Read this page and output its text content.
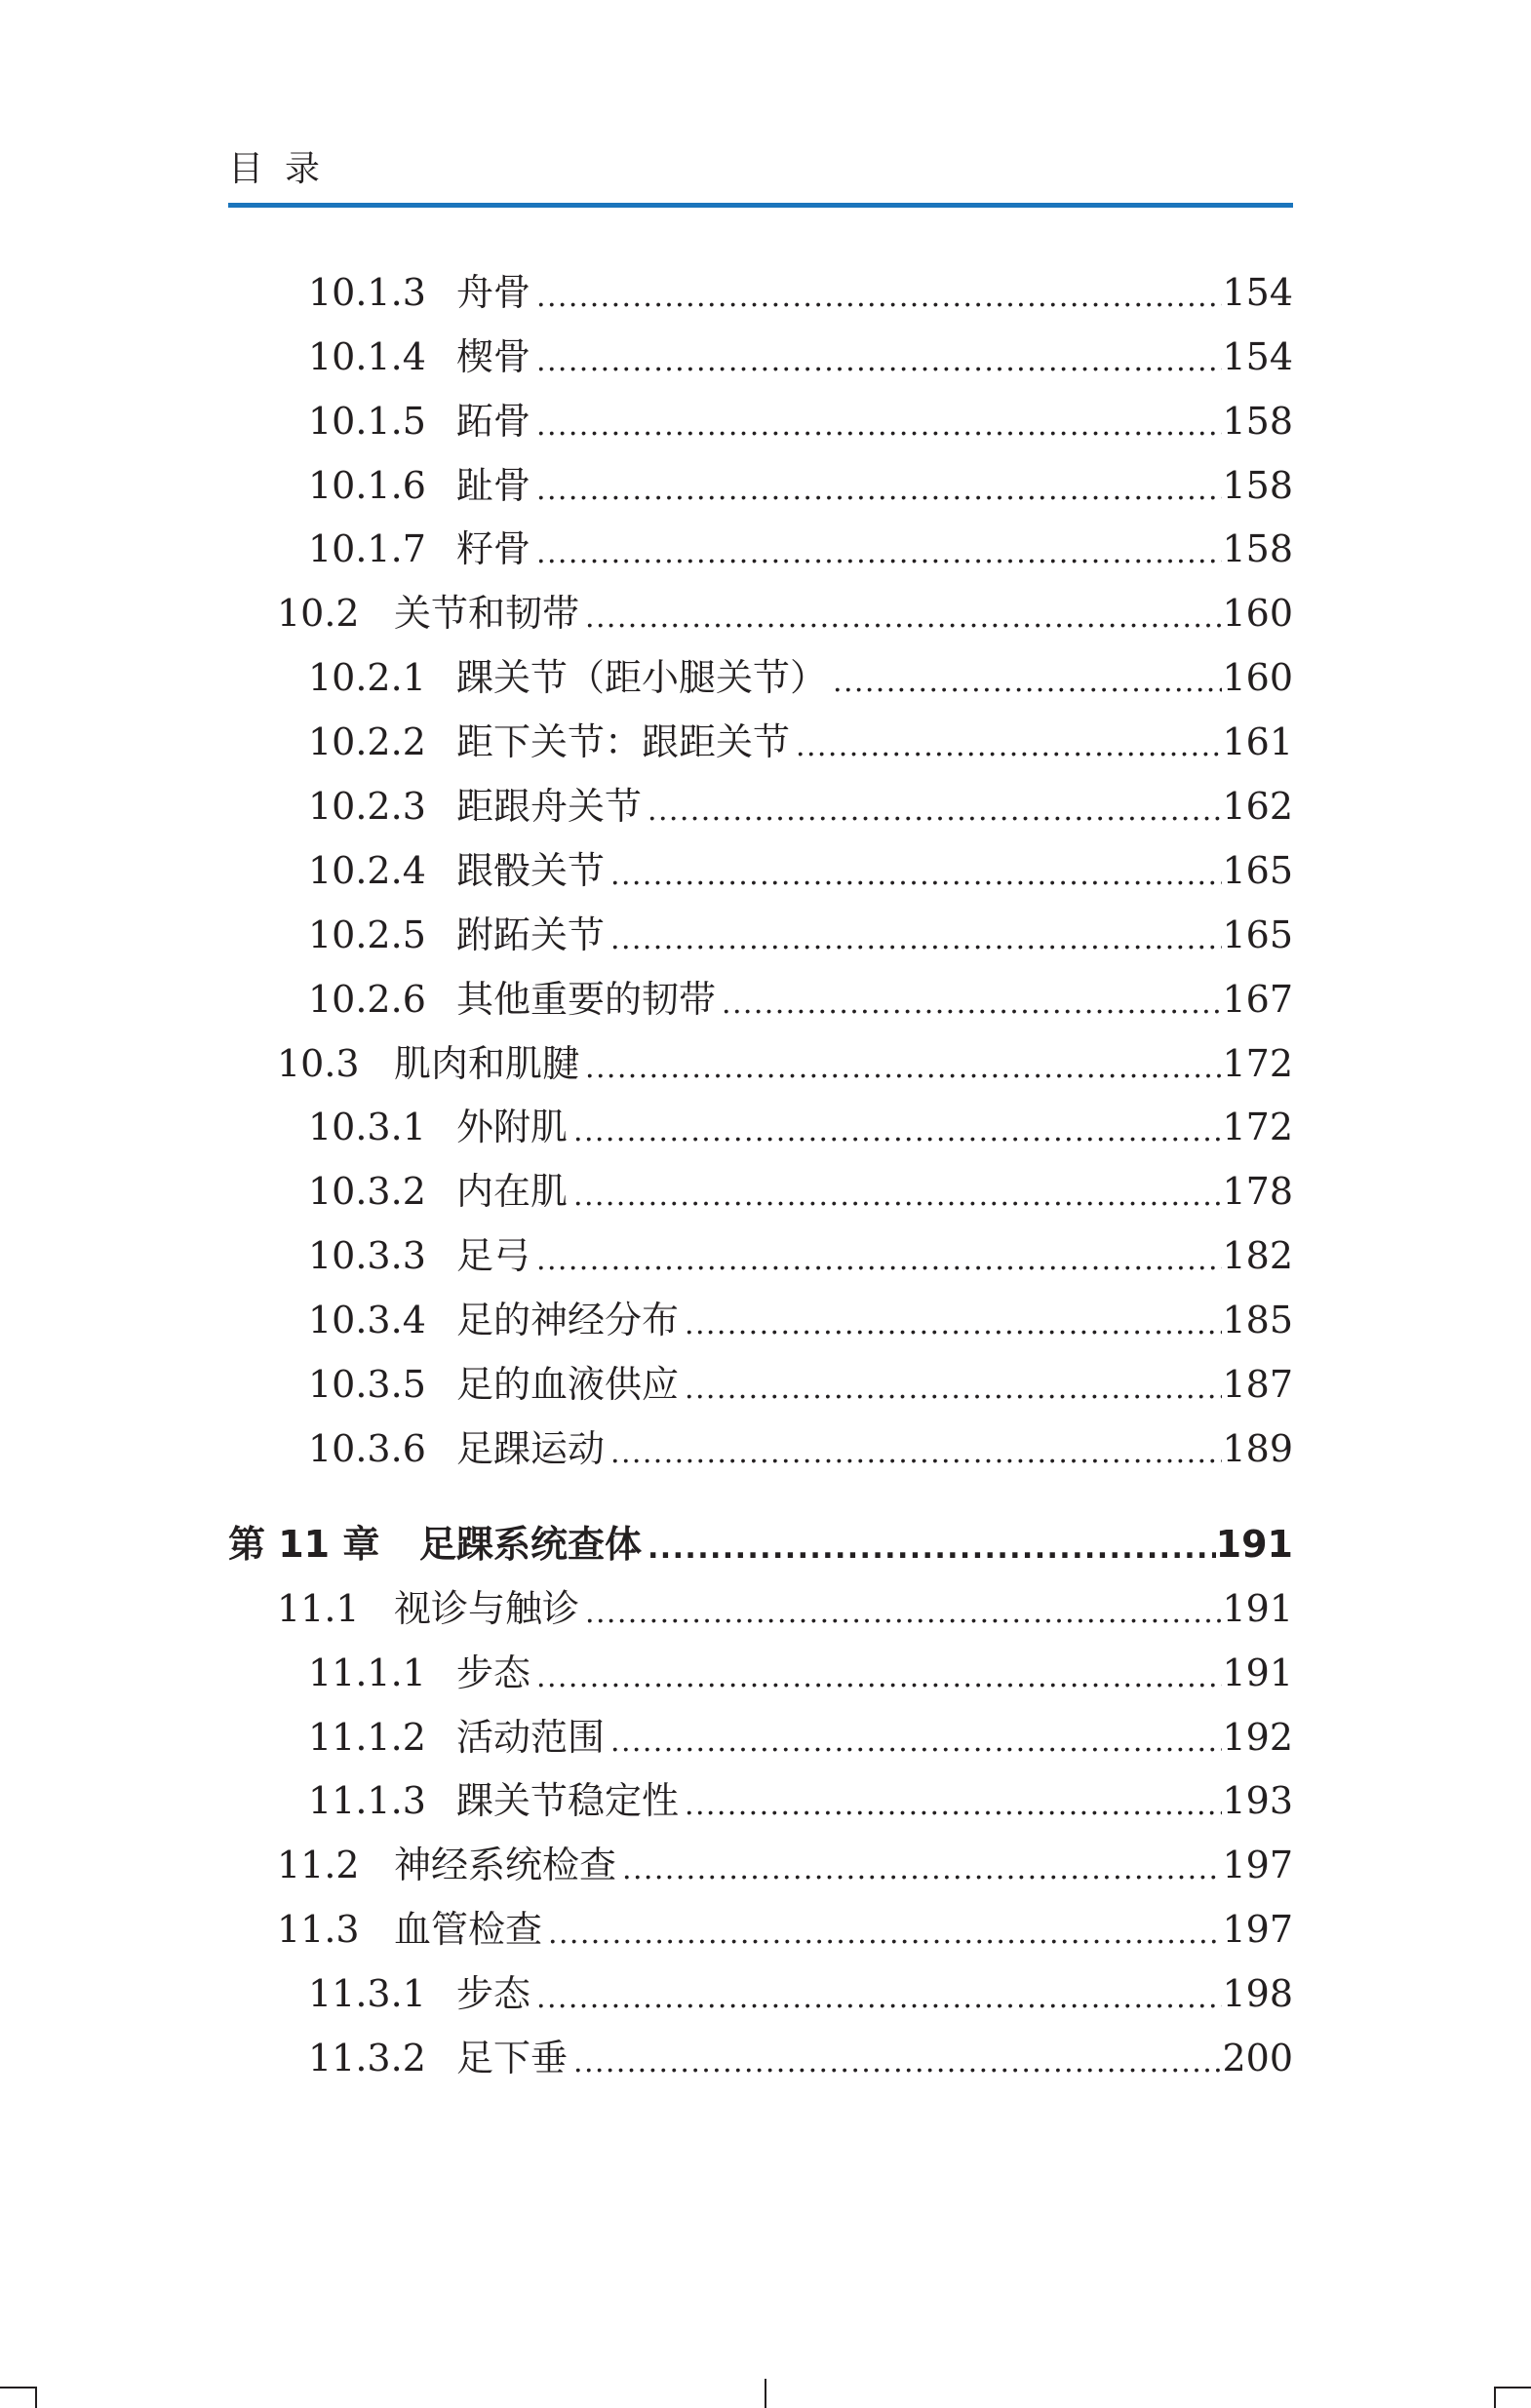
目录
10.1.3 舟骨 .....	154
10.1.4 楔骨 .....	154
10.1.5 跖骨 .....	158
10.1.6 趾骨 .....	158
10.1.7 籽骨 .....	158
10.2 关节和韧带 .....	160
10.2.1 踝关节（距小腿关节） .....	160
10.2.2 距下关节：跟距关节 .....	161
10.2.3 距跟舟关节 .....	162
10.2.4 跟骰关节 .....	165
10.2.5 跗跖关节 .....	165
10.2.6 其他重要的韧带 .....	167
10.3 肌肉和肌腱 .....	172
10.3.1 外附肌 .....	172
10.3.2 内在肌 .....	178
10.3.3 足弓 .....	182
10.3.4 足的神经分布 .....	185
10.3.5 足的血液供应 .....	187
10.3.6 足踝运动 .....	189
第 11 章	足踝系统查体 .....	191
11.1 视诊与触诊 .....	191
11.1.1 步态 .....	191
11.1.2 活动范围 .....	192
11.1.3 踝关节稳定性 .....	193
11.2 神经系统检查 .....	197
11.3 血管检查 .....	197
11.3.1 步态 .....	198
11.3.2 足下垂 .....	200
